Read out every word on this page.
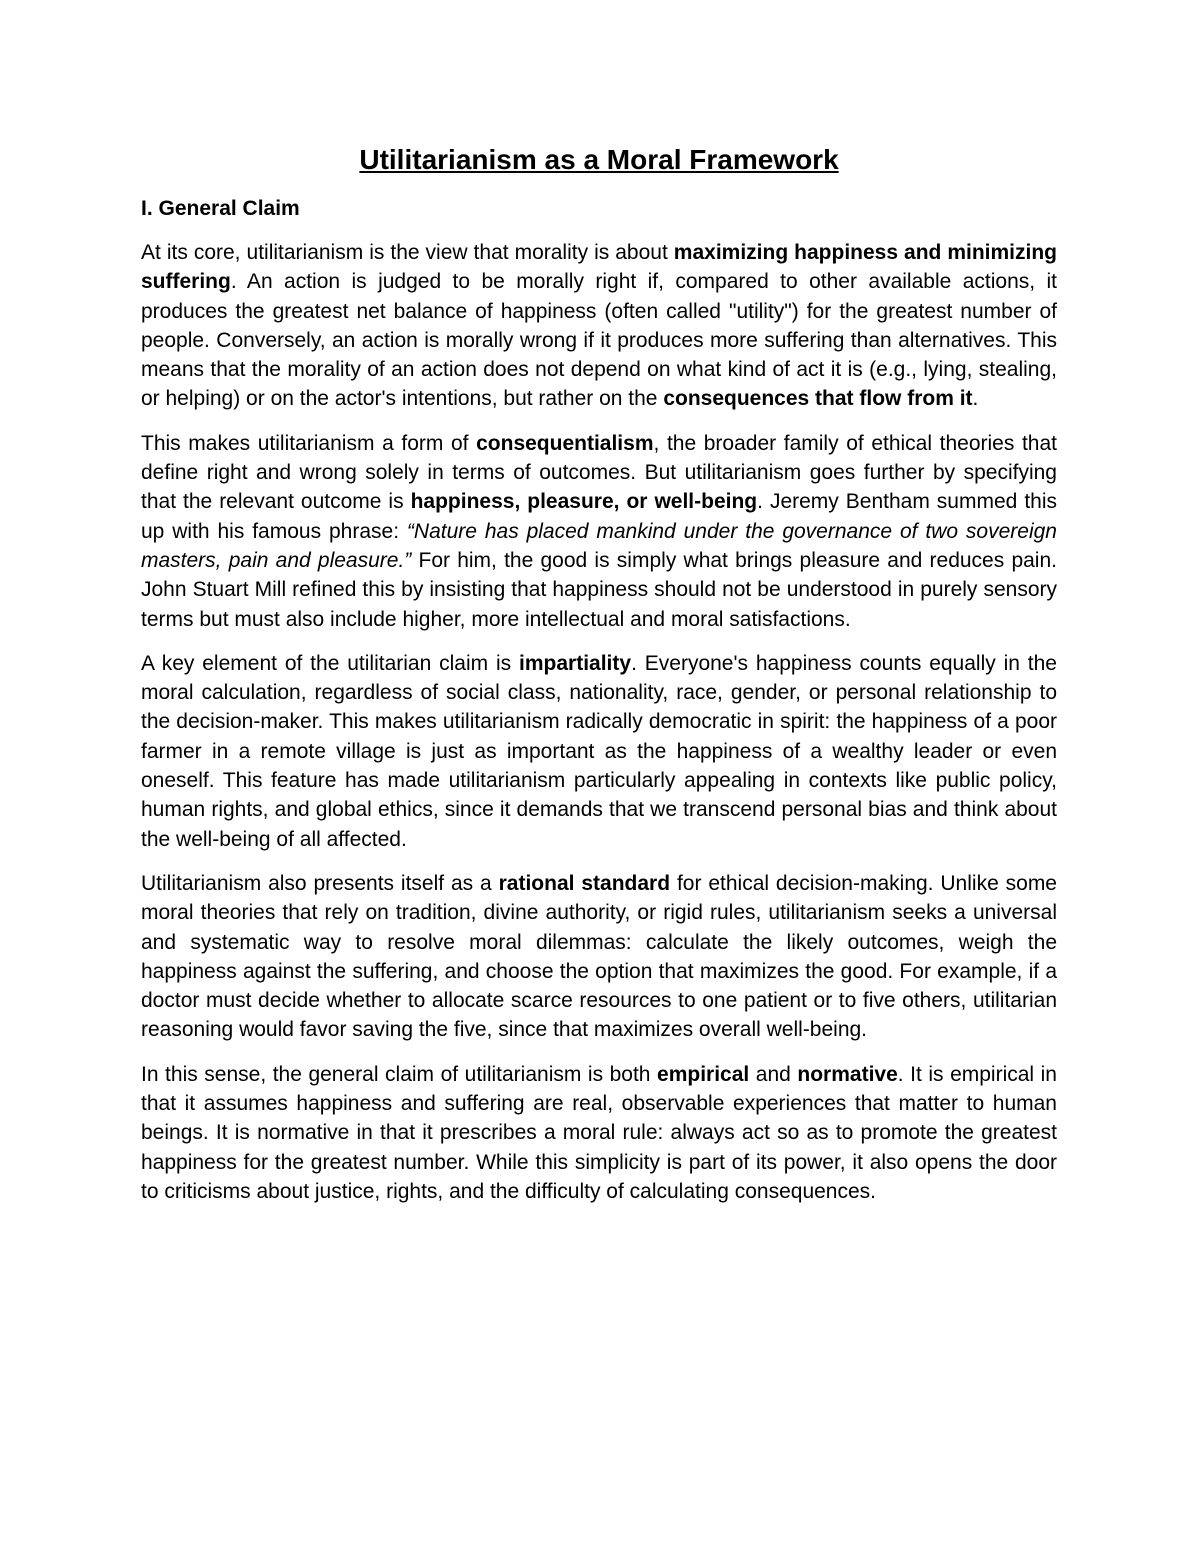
Utilitarianism as a Moral Framework
I. General Claim

At its core, utilitarianism is the view that morality is about maximizing happiness and minimizing suffering. An action is judged to be morally right if, compared to other available actions, it produces the greatest net balance of happiness (often called "utility") for the greatest number of people. Conversely, an action is morally wrong if it produces more suffering than alternatives. This means that the morality of an action does not depend on what kind of act it is (e.g., lying, stealing, or helping) or on the actor's intentions, but rather on the consequences that flow from it.

This makes utilitarianism a form of consequentialism, the broader family of ethical theories that define right and wrong solely in terms of outcomes. But utilitarianism goes further by specifying that the relevant outcome is happiness, pleasure, or well-being. Jeremy Bentham summed this up with his famous phrase: “Nature has placed mankind under the governance of two sovereign masters, pain and pleasure.” For him, the good is simply what brings pleasure and reduces pain. John Stuart Mill refined this by insisting that happiness should not be understood in purely sensory terms but must also include higher, more intellectual and moral satisfactions.

A key element of the utilitarian claim is impartiality. Everyone's happiness counts equally in the moral calculation, regardless of social class, nationality, race, gender, or personal relationship to the decision-maker. This makes utilitarianism radically democratic in spirit: the happiness of a poor farmer in a remote village is just as important as the happiness of a wealthy leader or even oneself. This feature has made utilitarianism particularly appealing in contexts like public policy, human rights, and global ethics, since it demands that we transcend personal bias and think about the well-being of all affected.

Utilitarianism also presents itself as a rational standard for ethical decision-making. Unlike some moral theories that rely on tradition, divine authority, or rigid rules, utilitarianism seeks a universal and systematic way to resolve moral dilemmas: calculate the likely outcomes, weigh the happiness against the suffering, and choose the option that maximizes the good. For example, if a doctor must decide whether to allocate scarce resources to one patient or to five others, utilitarian reasoning would favor saving the five, since that maximizes overall well-being.

In this sense, the general claim of utilitarianism is both empirical and normative. It is empirical in that it assumes happiness and suffering are real, observable experiences that matter to human beings. It is normative in that it prescribes a moral rule: always act so as to promote the greatest happiness for the greatest number. While this simplicity is part of its power, it also opens the door to criticisms about justice, rights, and the difficulty of calculating consequences.
